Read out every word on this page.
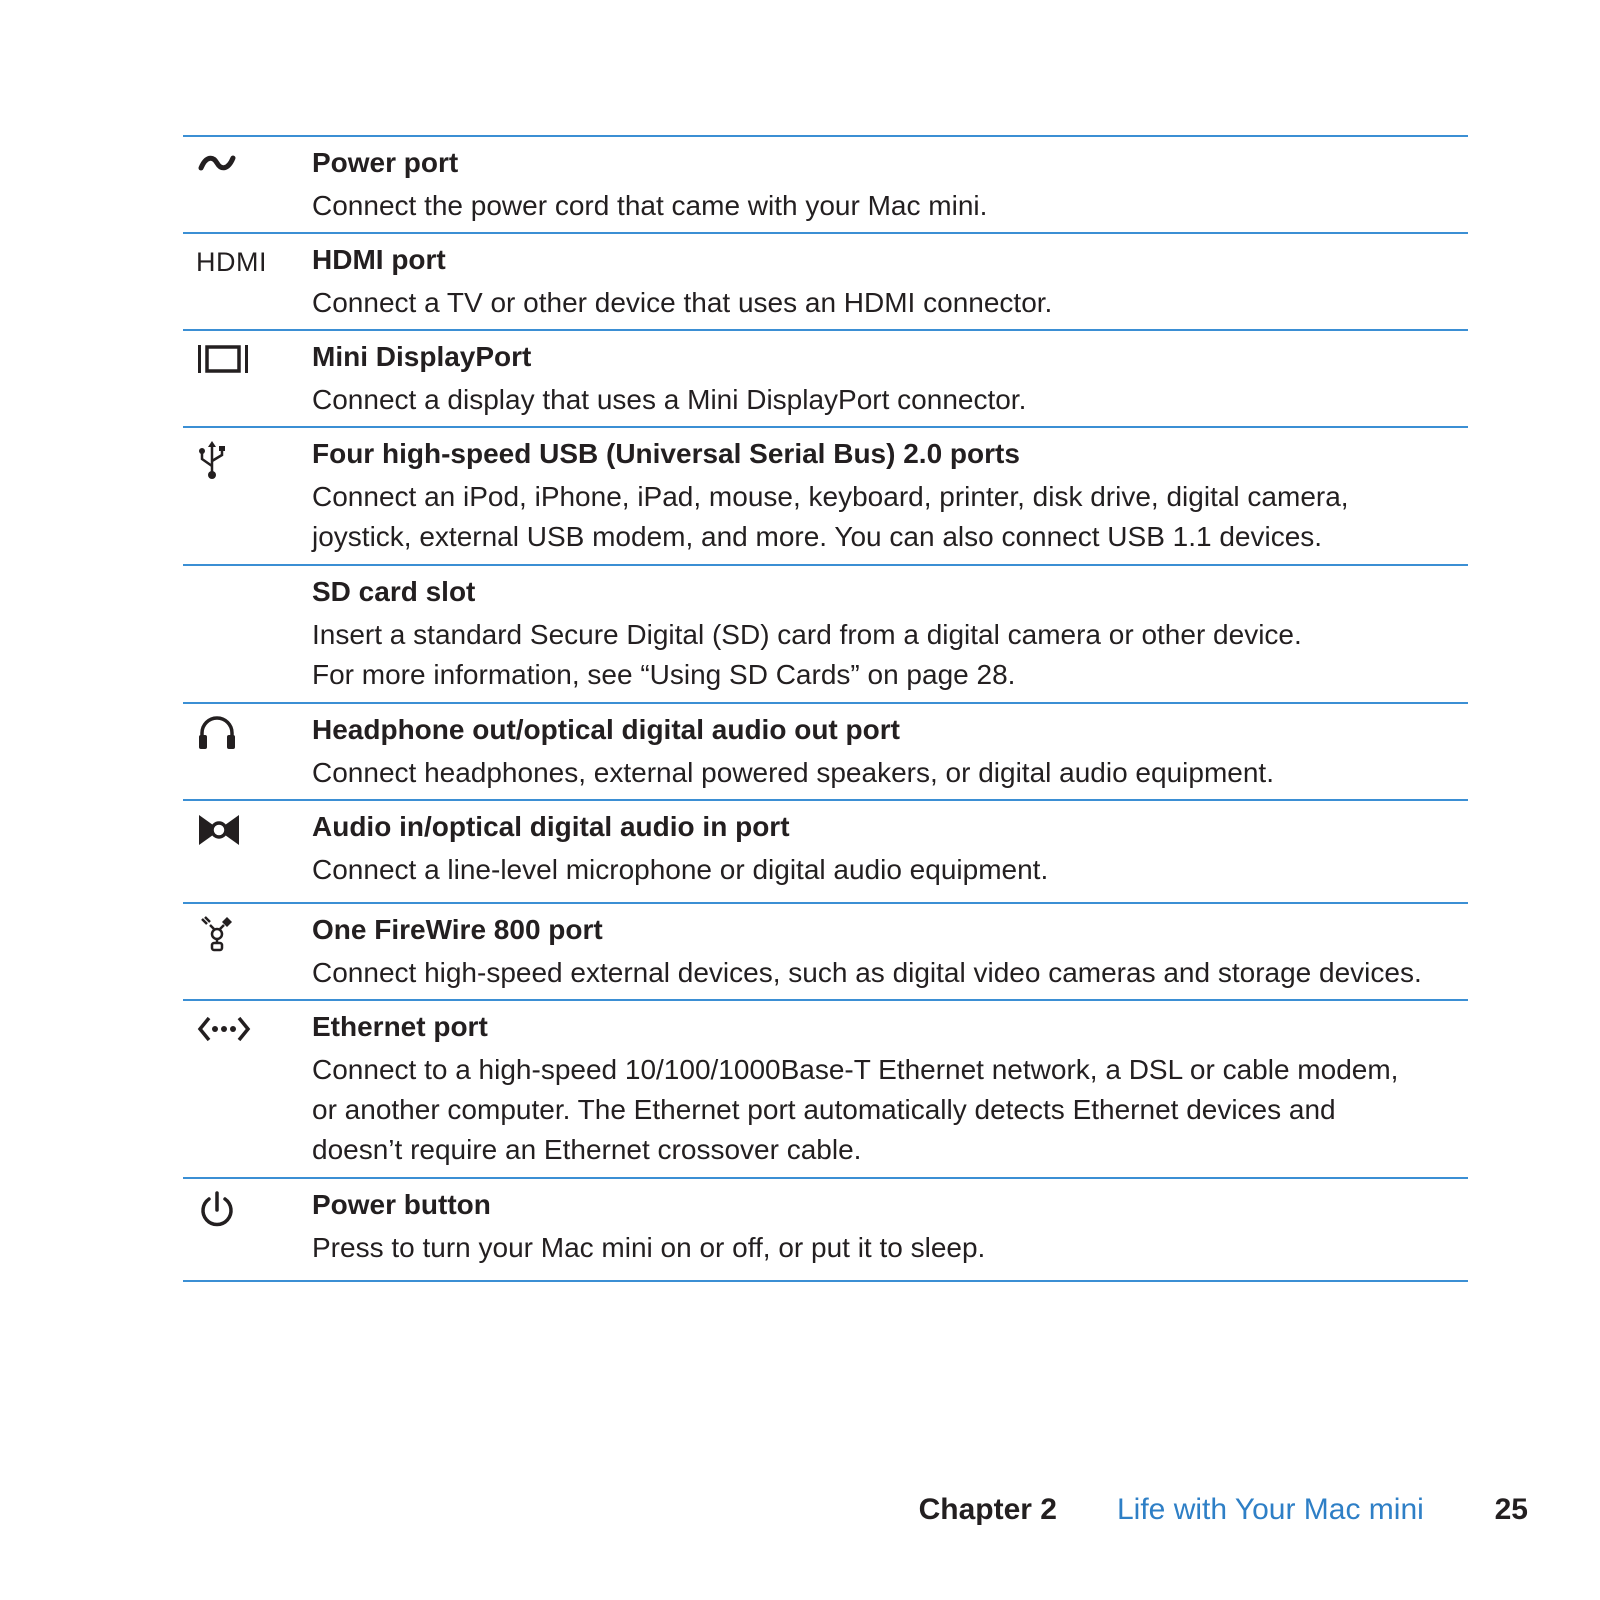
Power port
Connect the power cord that came with your Mac mini.
HDMI HDMI port
Connect a TV or other device that uses an HDMI connector.
Mini DisplayPort
Connect a display that uses a Mini DisplayPort connector.
Four high-speed USB (Universal Serial Bus) 2.0 ports
Connect an iPod, iPhone, iPad, mouse, keyboard, printer, disk drive, digital camera,
joystick, external USB modem, and more. You can also connect USB 1.1 devices.
SD card slot
Insert a standard Secure Digital (SD) card from a digital camera or other device.
For more information, see “Using SD Cards” on page 28.
Headphone out/optical digital audio out port
Connect headphones, external powered speakers, or digital audio equipment.
Audio in/optical digital audio in port
Connect a line-level microphone or digital audio equipment.
One FireWire 800 port
Connect high-speed external devices, such as digital video cameras and storage devices.
Ethernet port
Connect to a high-speed 10/100/1000Base-T Ethernet network, a DSL or cable modem,
or another computer. The Ethernet port automatically detects Ethernet devices and
doesn’t require an Ethernet crossover cable.
Power button
Press to turn your Mac mini on or off, or put it to sleep.
Chapter 2 Life with Your Mac mini 25
